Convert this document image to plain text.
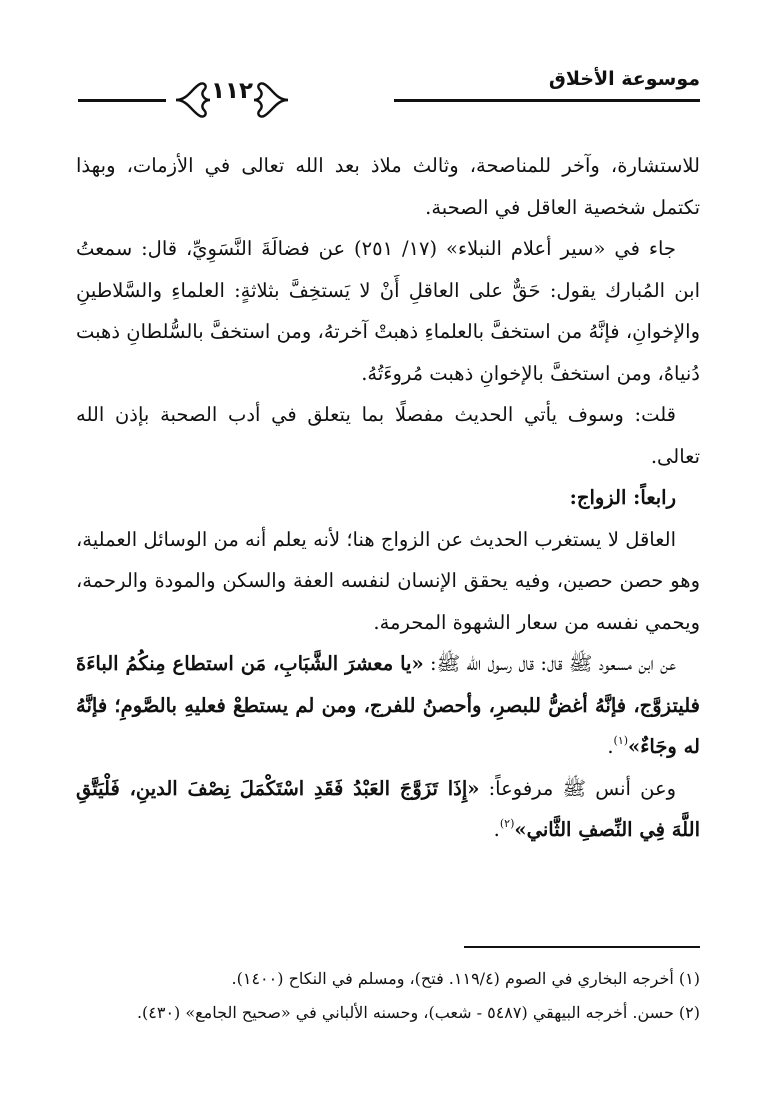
موسوعة الأخلاق
١١٢

للاستشارة، وآخر للمناصحة، وثالث ملاذ بعد الله تعالى في الأزمات، وبهذا تكتمل شخصية العاقل في الصحبة.

جاء في «سير أعلام النبلاء» (١٧/ ٢٥١) عن فضالَةَ النَّسَوِيِّ، قال: سمعتُ ابن المُبارك يقول: حَقٌّ على العاقلِ أَنْ لا يَستخِفَّ بثلاثةٍ: العلماءِ والسَّلاطينِ والإخوانِ، فإنَّهُ من استخفَّ بالعلماءِ ذهبتْ آخرتهُ، ومن استخفَّ بالسُّلطانِ ذهبت دُنياهُ، ومن استخفَّ بالإخوانِ ذهبت مُروءَتُهُ.

قلت: وسوف يأتي الحديث مفصلًا بما يتعلق في أدب الصحبة بإذن الله تعالى.

رابعاً: الزواج:

العاقل لا يستغرب الحديث عن الزواج هنا؛ لأنه يعلم أنه من الوسائل العملية، وهو حصن حصين، وفيه يحقق الإنسان لنفسه العفة والسكن والمودة والرحمة، ويحمي نفسه من سعار الشهوة المحرمة.

عن ابن مسعود ﷺ قال: قال رسول الله ﷺ: «يا معشرَ الشَّبَابِ، مَن استطاع مِنكُمُ الباءَةَ فليتزوَّج، فإنَّهُ أغضُّ للبصرِ، وأحصنُ للفرج، ومن لم يستطعْ فعليهِ بالصَّومِ؛ فإنَّهُ له وجَاءٌ»$^{(١)}$.

وعن أنس ﷺ مرفوعاً: «إِذَا تَزَوَّجَ العَبْدُ فَقَدِ اسْتَكْمَلَ نِصْفَ الدينِ، فَلْيَتَّقِ اللَّهَ فِي النِّصفِ الثَّاني»$^{(٢)}$.

(١) أخرجه البخاري في الصوم (١١٩/٤. فتح)، ومسلم في النكاح (١٤٠٠).

(٢) حسن. أخرجه البيهقي (٥٤٨٧ - شعب)، وحسنه الألباني في «صحيح الجامع» (٤٣٠).
